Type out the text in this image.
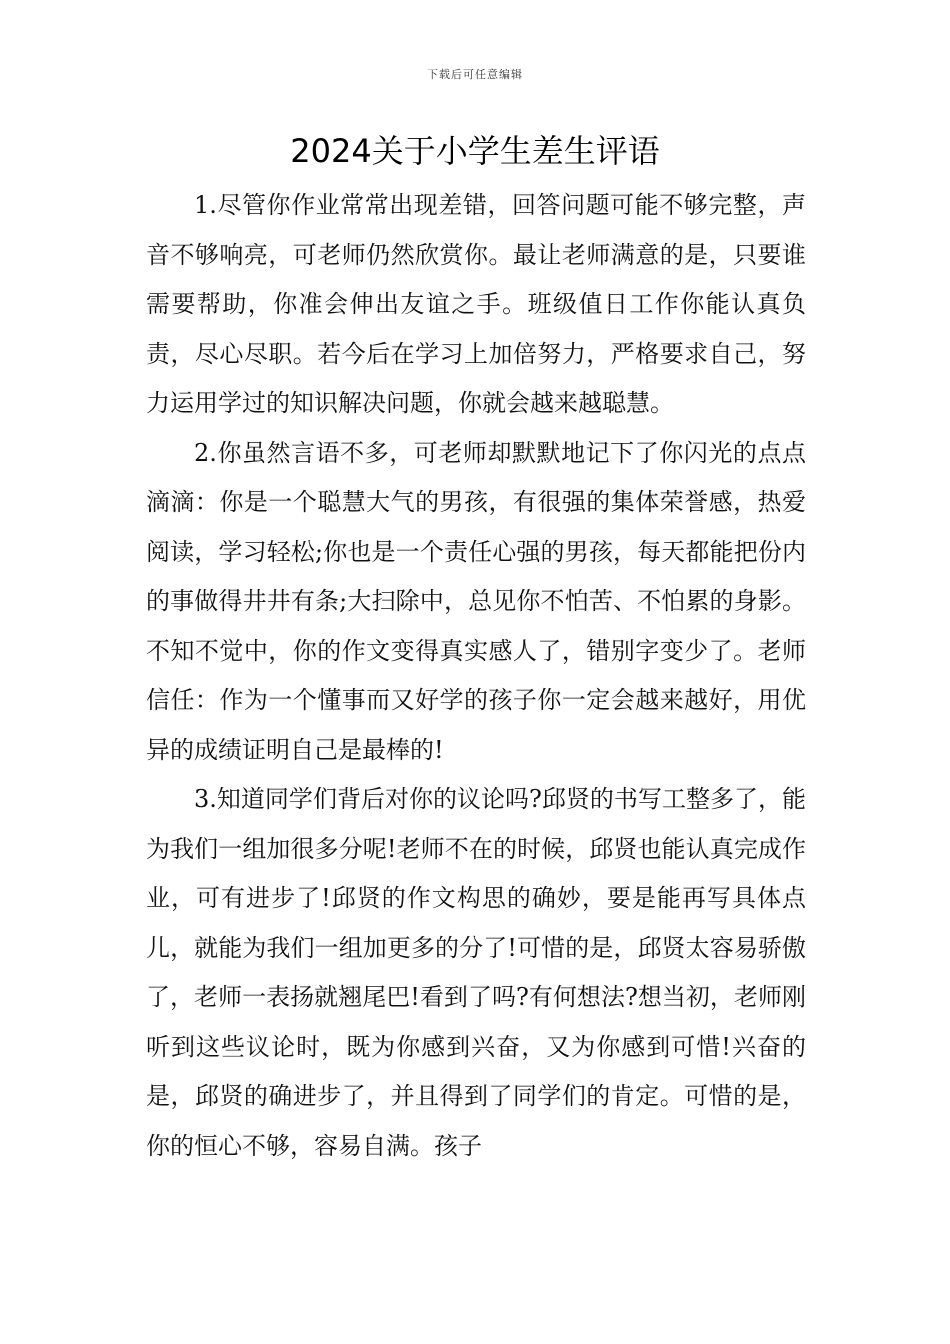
下载后可任意编辑
2024关于小学生差生评语

1.尽管你作业常常出现差错，回答问题可能不够完整，声音不够响亮，可老师仍然欣赏你。最让老师满意的是，只要谁需要帮助，你准会伸出友谊之手。班级值日工作你能认真负责，尽心尽职。若今后在学习上加倍努力，严格要求自己，努力运用学过的知识解决问题，你就会越来越聪慧。

2.你虽然言语不多，可老师却默默地记下了你闪光的点点滴滴：你是一个聪慧大气的男孩，有很强的集体荣誉感，热爱阅读，学习轻松;你也是一个责任心强的男孩，每天都能把份内的事做得井井有条;大扫除中，总见你不怕苦、不怕累的身影。不知不觉中，你的作文变得真实感人了，错别字变少了。老师信任：作为一个懂事而又好学的孩子你一定会越来越好，用优异的成绩证明自己是最棒的!

3.知道同学们背后对你的议论吗?邱贤的书写工整多了，能为我们一组加很多分呢!老师不在的时候，邱贤也能认真完成作业，可有进步了!邱贤的作文构思的确妙，要是能再写具体点儿，就能为我们一组加更多的分了!可惜的是，邱贤太容易骄傲了，老师一表扬就翘尾巴!看到了吗?有何想法?想当初，老师刚听到这些议论时，既为你感到兴奋，又为你感到可惜!兴奋的是，邱贤的确进步了，并且得到了同学们的肯定。可惜的是，你的恒心不够，容易自满。孩子
